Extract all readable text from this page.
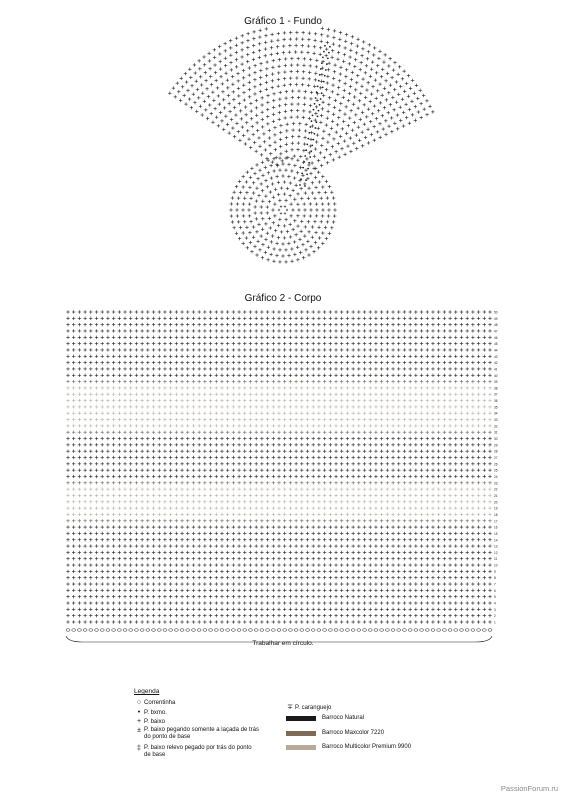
Gráfico 1 - Fundo
Gráfico 2 - Corpo
1
2
3
4
5
6
7
8
9
10
11
12
13
14
15
16
17
18
19
20
21
22
23
24
25
26
27
28
29
30
31
32
33
34
35
36
37
38
39
40
41
42
43
44
45
46
47
48
49
50
Trabalhar em círculo.
Legenda
○ Correntinha
• P. bxmo.
+ P. baixo
± P. baixo pegando somente a laçada de trás do ponto de base
‡ P. baixo relevo pegado por trás do ponto de base
∓ P. caranguejo
Barroco Natural
Barroco Maxcolor 7220
Barroco Multicolor Premium 9900
PassionForum.ru
